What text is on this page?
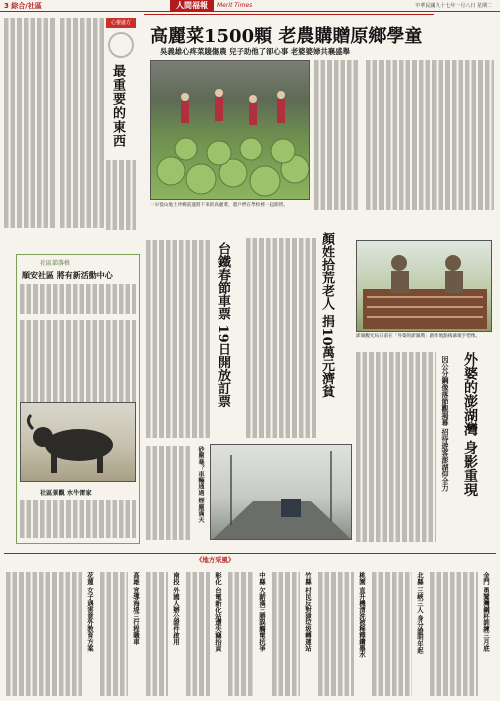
3 綜合/社區	人間福報	Merit Times	中華民國九十七年一月八日 星期二
心靈處方
最重要的東西
高麗菜1500顆 老農購贈原鄉學童
吳義雄心疼菜賤傷農 兒子助他了卻心事 老婆婆婦共襄盛舉
一早從山地土坪鄉前運將下來的高麗菜，農戶們在學校裡一起卸貨。
社區部落格
順安社區 將有新活動中心
社區景觀 水牛雷家
台鐵春節車票 19日開放訂票	顏姓拾荒老人 捐10萬元濟貧	澎湖觀光局日前在「外婆的澎湖灣」創作地點揭幕歌手塑像。
外婆的澎湖灣 身影重現
因公分鋼像落節觀揭幕 招待遊客澎湖仰全力
砂塵暴？車輛通過 煙塵滿天
《地方采風》
金門 勇闖灣鋼杯訓練三月底
北縣 三峽三人 身分證明年起
桃園 直升機清洗被稀釋鑽墨水
竹縣 村民反對建垃圾轉運站
中縣 欠薪漢三勝誤觸電抗爭
彰化 台電新化站遭失竊抬貢
南投 外國人辦公證件啟用
高雄 宣導海堤三行程職車
花蓮 女子遇害意外教育方案
